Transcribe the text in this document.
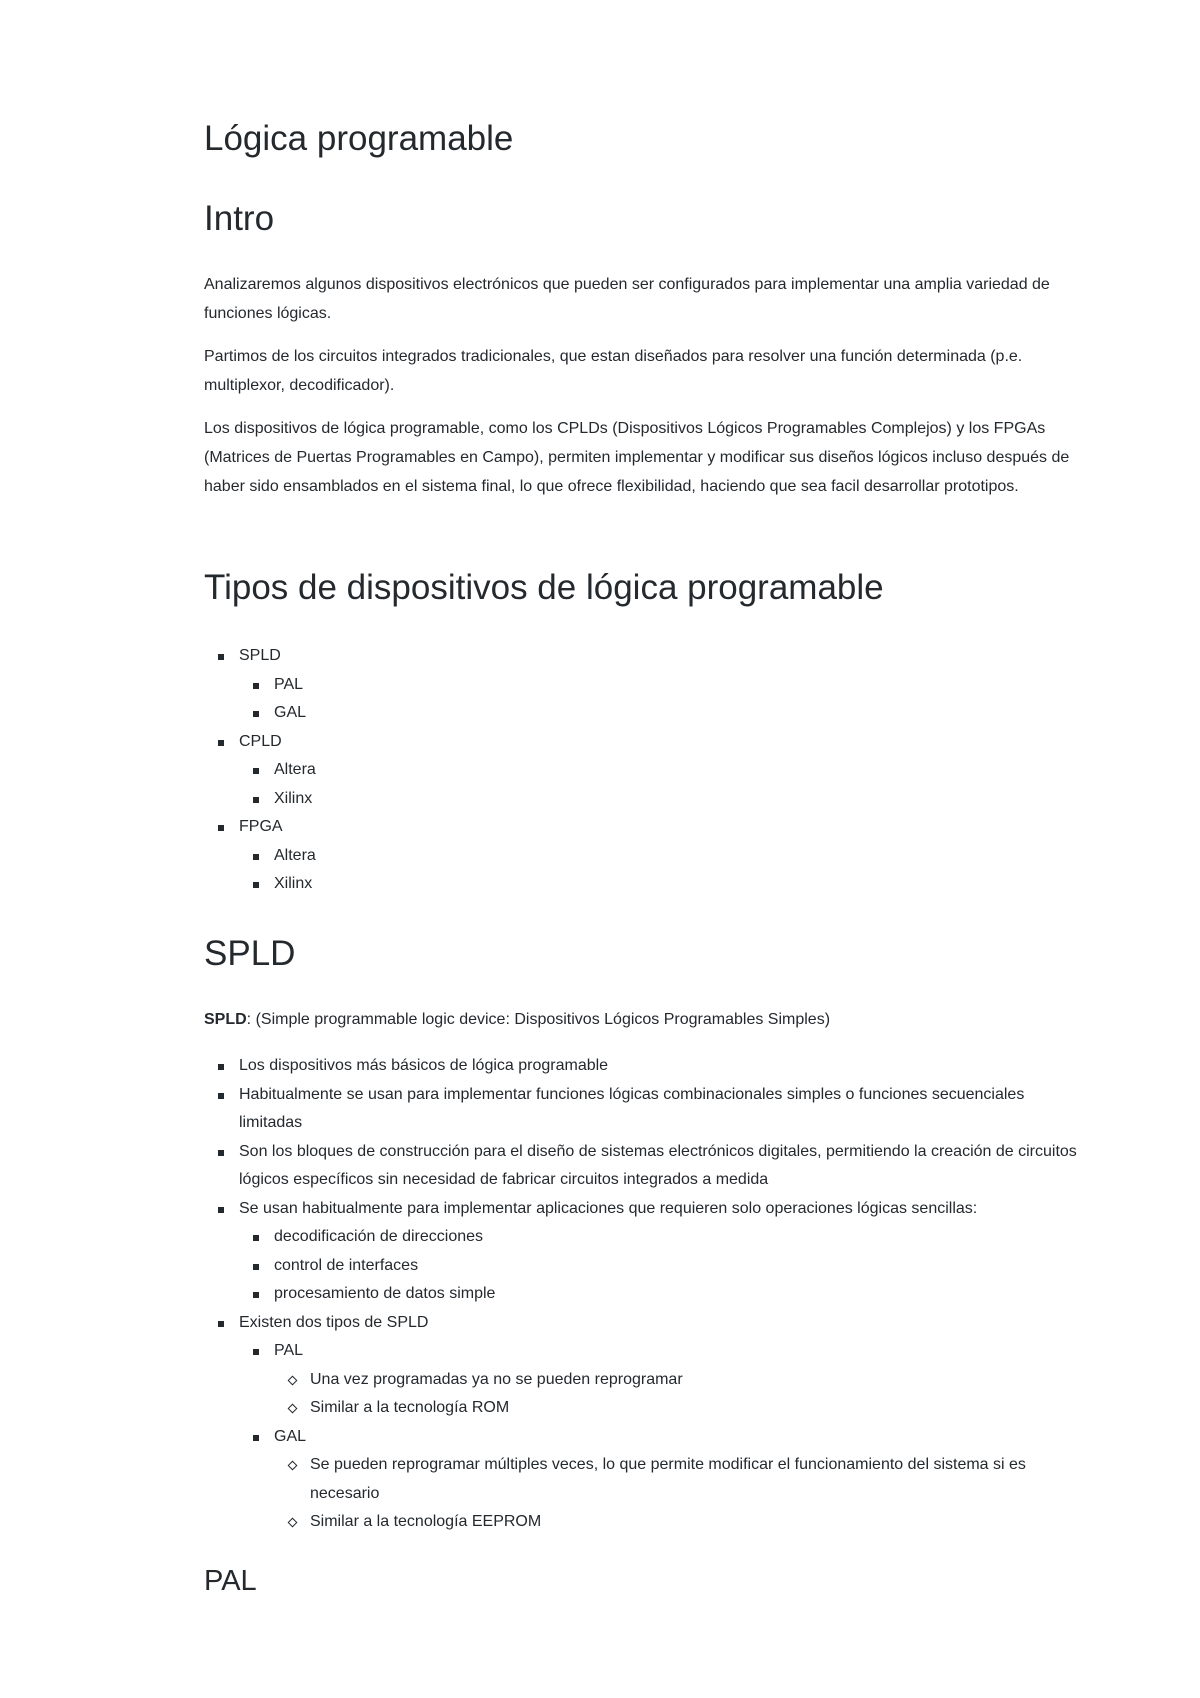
Lógica programable
Intro

Analizaremos algunos dispositivos electrónicos que pueden ser configurados para implementar una amplia variedad de funciones lógicas.

Partimos de los circuitos integrados tradicionales, que estan diseñados para resolver una función determinada (p.e. multiplexor, decodificador).

Los dispositivos de lógica programable, como los CPLDs (Dispositivos Lógicos Programables Complejos) y los FPGAs (Matrices de Puertas Programables en Campo), permiten implementar y modificar sus diseños lógicos incluso después de haber sido ensamblados en el sistema final, lo que ofrece flexibilidad, haciendo que sea facil desarrollar prototipos.

Tipos de dispositivos de lógica programable
SPLD
PAL
GAL
CPLD
Altera
Xilinx
FPGA
Altera
Xilinx
SPLD

SPLD: (Simple programmable logic device: Dispositivos Lógicos Programables Simples)

Los dispositivos más básicos de lógica programable
Habitualmente se usan para implementar funciones lógicas combinacionales simples o funciones secuenciales limitadas
Son los bloques de construcción para el diseño de sistemas electrónicos digitales, permitiendo la creación de circuitos lógicos específicos sin necesidad de fabricar circuitos integrados a medida
Se usan habitualmente para implementar aplicaciones que requieren solo operaciones lógicas sencillas:
decodificación de direcciones
control de interfaces
procesamiento de datos simple
Existen dos tipos de SPLD
PAL
Una vez programadas ya no se pueden reprogramar
Similar a la tecnología ROM
GAL
Se pueden reprogramar múltiples veces, lo que permite modificar el funcionamiento del sistema si es necesario
Similar a la tecnología EEPROM
PAL
